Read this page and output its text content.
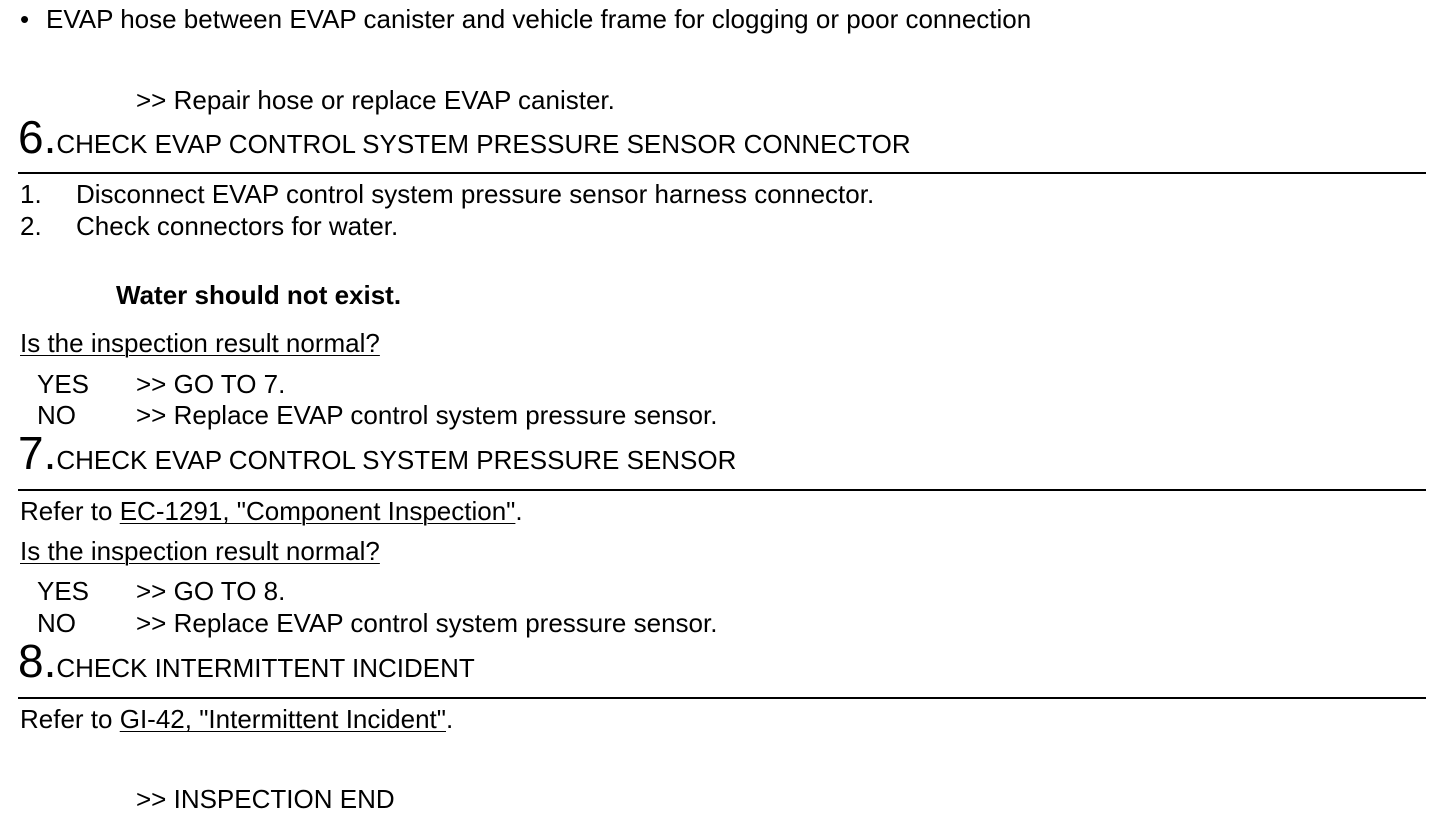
• EVAP hose between EVAP canister and vehicle frame for clogging or poor connection
>> Repair hose or replace EVAP canister.
6.CHECK EVAP CONTROL SYSTEM PRESSURE SENSOR CONNECTOR
1. Disconnect EVAP control system pressure sensor harness connector.
2. Check connectors for water.
Water should not exist.
Is the inspection result normal?
YES >> GO TO 7.
NO >> Replace EVAP control system pressure sensor.
7.CHECK EVAP CONTROL SYSTEM PRESSURE SENSOR
Refer to EC-1291, "Component Inspection".
Is the inspection result normal?
YES >> GO TO 8.
NO >> Replace EVAP control system pressure sensor.
8.CHECK INTERMITTENT INCIDENT
Refer to GI-42, "Intermittent Incident".
>> INSPECTION END
